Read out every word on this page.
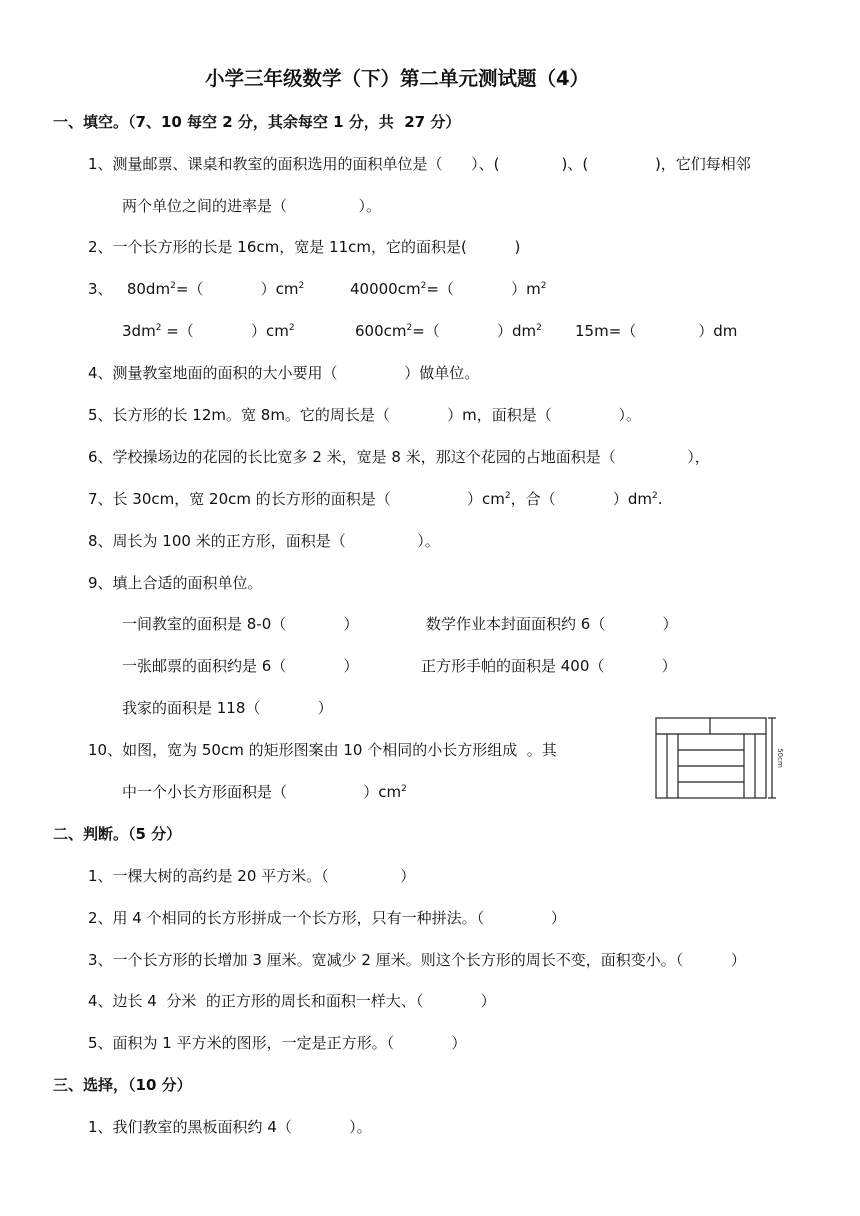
小学三年级数学（下）第二单元测试题（4）
一、填空。（7、10 每空 2 分，其余每空 1 分，共  27 分）
1、测量邮票、课桌和教室的面积选用的面积单位是（      ）、(             )、(              )，它们每相邻
两个单位之间的进率是（               ）。
2、一个长方形的长是 16cm，宽是 11cm，它的面积是(          )
3、   $80dm^2=$（            ）$cm^2$	$40000cm^2=$（            ）$m^2$
$3dm^2$ =（            ）$cm^2$	$600cm^2=$（            ）$dm^2$ 15m=（             ）dm
4、测量教室地面的面积的大小要用（              ）做单位。
5、长方形的长 12m。宽 8m。它的周长是（            ）m，面积是（              ）。
6、学校操场边的花园的长比宽多 2 米，宽是 8 米，那这个花园的占地面积是（               ），
7、长 30cm，宽 20cm 的长方形的面积是（                ）$cm^2$，合（            ）$dm^2$.
8、周长为 100 米的正方形，面积是（               ）。
9、填上合适的面积单位。
一间教室的面积是 8-0（            ）	数学作业本封面面积约 6（            ）
一张邮票的面积约是 6（            ）	正方形手帕的面积是 400（            ）
我家的面积是 118（            ）
10、如图，宽为 50cm 的矩形图案由 10 个相同的小长方形组成  。其
中一个小长方形面积是（                ）$cm^2$
50cm
二、判断。（5 分）
1、一棵大树的高约是 20 平方米。（               ）
2、用 4 个相同的长方形拼成一个长方形，只有一种拼法。（              ）
3、一个长方形的长增加 3 厘米。宽减少 2 厘米。则这个长方形的周长不变，面积变小。（          ）
4、边长 4  分米  的正方形的周长和面积一样大、（            ）
5、面积为 1 平方米的图形，一定是正方形。（            ）
三、选择，（10 分）
1、我们教室的黑板面积约 4（            ）。
